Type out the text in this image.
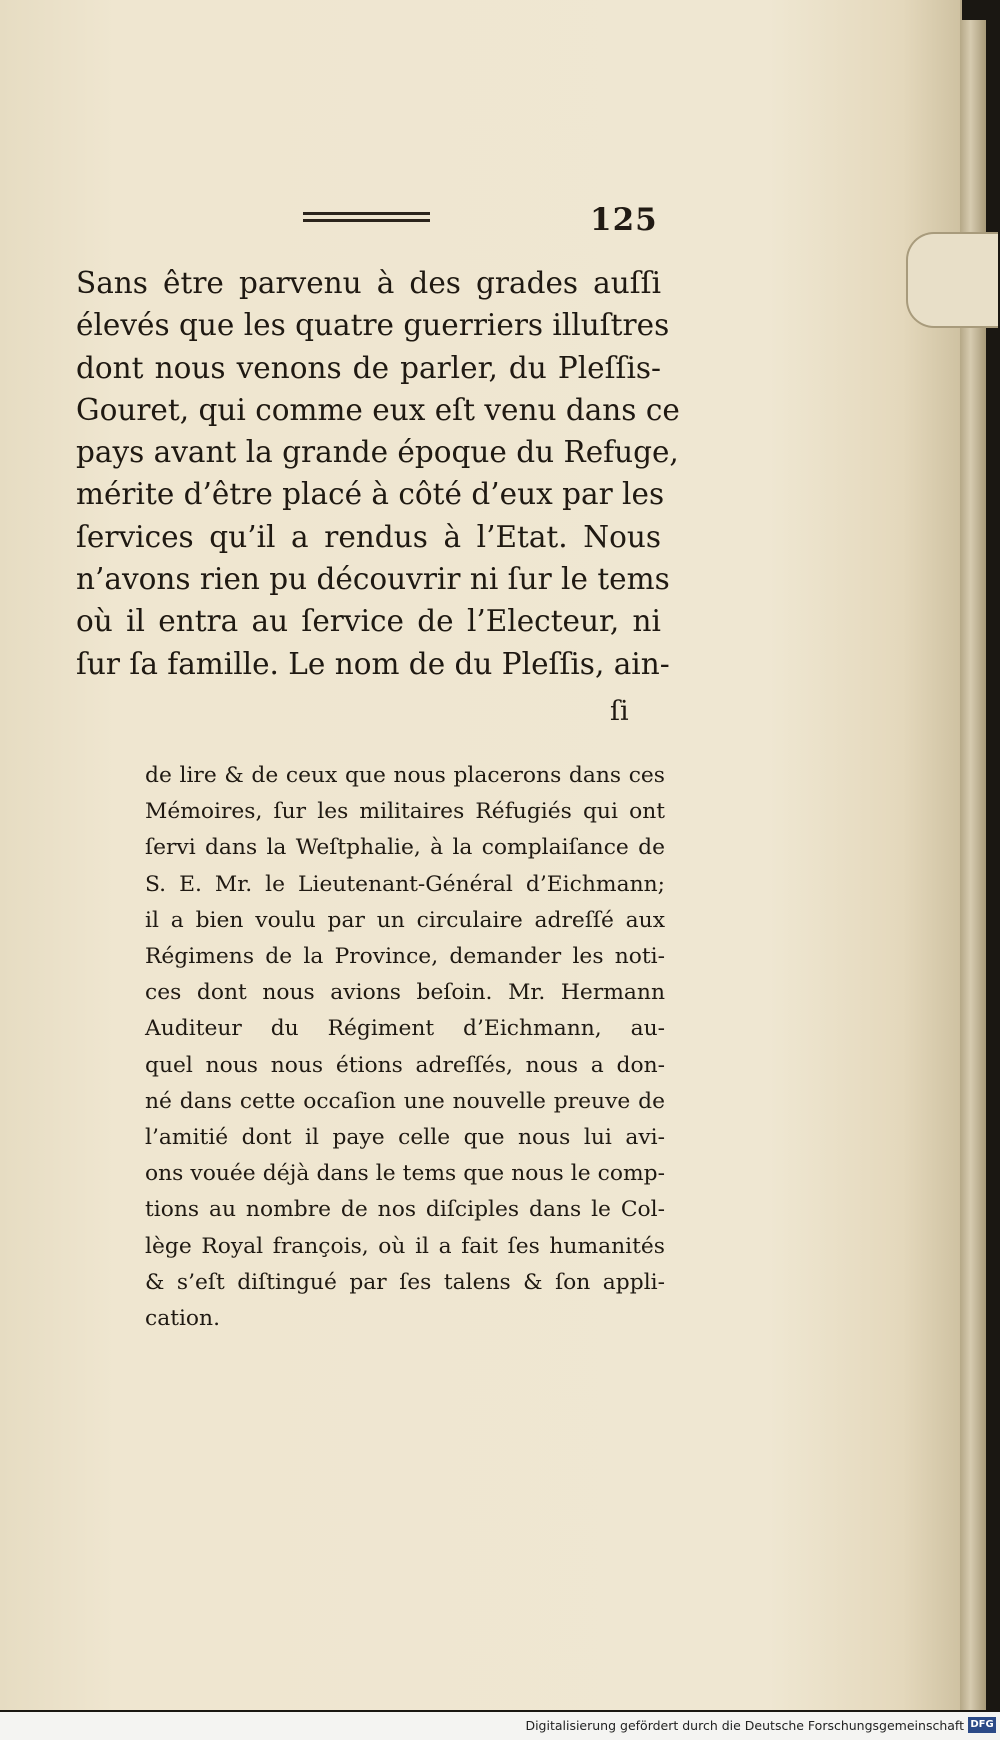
125
Sans être parvenu à des grades auſſi
élevés que les quatre guerriers illuſtres
dont nous venons de parler, du Pleſſis-
Gouret, qui comme eux eſt venu dans ce
pays avant la grande époque du Refuge,
mérite d’être placé à côté d’eux par les
ſervices qu’il a rendus à l’Etat. Nous
n’avons rien pu découvrir ni ſur le tems
où il entra au ſervice de l’Electeur, ni
ſur ſa famille. Le nom de du Pleſſis, ain-
ſi
de lire & de ceux que nous placerons dans ces
Mémoires, ſur les militaires Réfugiés qui ont
ſervi dans la Weſtphalie, à la complaiſance de
S. E. Mr. le Lieutenant-Général d’Eichmann;
il a bien voulu par un circulaire adreſſé aux
Régimens de la Province, demander les noti-
ces dont nous avions beſoin. Mr. Hermann
Auditeur du Régiment d’Eichmann, au-
quel nous nous étions adreſſés, nous a don-
né dans cette occaſion une nouvelle preuve de
l’amitié dont il paye celle que nous lui avi-
ons vouée déjà dans le tems que nous le comp-
tions au nombre de nos diſciples dans le Col-
lège Royal françois, où il a fait ſes humanités
& s’eſt diſtingué par ſes talens & ſon appli-
cation.
Digitalisierung gefördert durch die Deutsche Forschungsgemeinschaft DFG
